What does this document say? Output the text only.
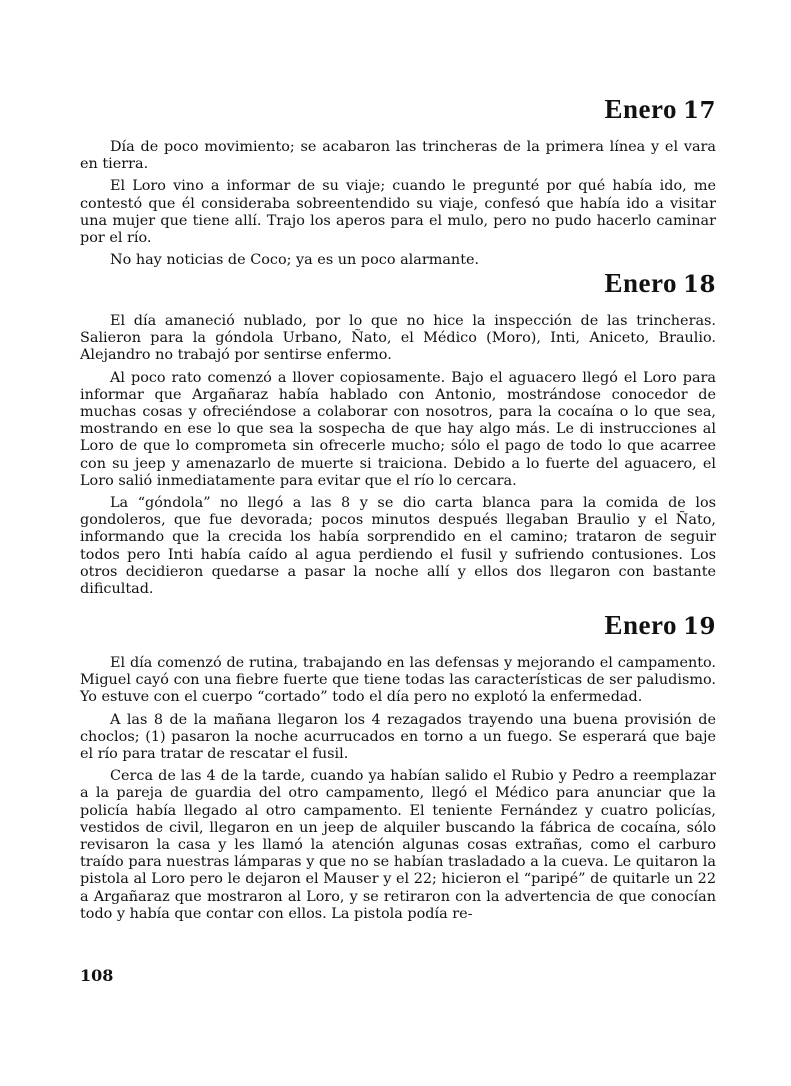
Enero 17

Día de poco movimiento; se acabaron las trincheras de la primera línea y el vara en tierra.

El Loro vino a informar de su viaje; cuando le pregunté por qué había ido, me contestó que él consideraba sobreentendido su viaje, confesó que había ido a visitar una mujer que tiene allí. Trajo los aperos para el mulo, pero no pudo hacerlo caminar por el río.

No hay noticias de Coco; ya es un poco alarmante.

Enero 18

El día amaneció nublado, por lo que no hice la inspección de las trincheras. Salieron para la góndola Urbano, Ñato, el Médico (Moro), Inti, Aniceto, Braulio. Alejandro no trabajó por sentirse enfermo.

Al poco rato comenzó a llover copiosamente. Bajo el aguacero llegó el Loro para informar que Argañaraz había hablado con Antonio, mostrándose conocedor de muchas cosas y ofreciéndose a colaborar con nosotros, para la cocaína o lo que sea, mostrando en ese lo que sea la sospecha de que hay algo más. Le di instrucciones al Loro de que lo comprometa sin ofrecerle mucho; sólo el pago de todo lo que acarree con su jeep y amenazarlo de muerte si traiciona. Debido a lo fuerte del aguacero, el Loro salió inmediatamente para evitar que el río lo cercara.

La “góndola” no llegó a las 8 y se dio carta blanca para la comida de los gondoleros, que fue devorada; pocos minutos después llegaban Braulio y el Ñato, informando que la crecida los había sorprendido en el camino; trataron de seguir todos pero Inti había caído al agua perdiendo el fusil y sufriendo contusiones. Los otros decidieron quedarse a pasar la noche allí y ellos dos llegaron con bastante dificultad.

Enero 19

El día comenzó de rutina, trabajando en las defensas y mejorando el campamento. Miguel cayó con una fiebre fuerte que tiene todas las características de ser paludismo. Yo estuve con el cuerpo “cortado” todo el día pero no explotó la enfermedad.

A las 8 de la mañana llegaron los 4 rezagados trayendo una buena provisión de choclos; (1) pasaron la noche acurrucados en torno a un fuego. Se esperará que baje el río para tratar de rescatar el fusil.

Cerca de las 4 de la tarde, cuando ya habían salido el Rubio y Pedro a reemplazar a la pareja de guardia del otro campamento, llegó el Médico para anunciar que la policía había llegado al otro campamento. El teniente Fernández y cuatro policías, vestidos de civil, llegaron en un jeep de alquiler buscando la fábrica de cocaína, sólo revisaron la casa y les llamó la atención algunas cosas extrañas, como el carburo traído para nuestras lámparas y que no se habían trasladado a la cueva. Le quitaron la pistola al Loro pero le dejaron el Mauser y el 22; hicieron el “paripé” de quitarle un 22 a Argañaraz que mostraron al Loro, y se retiraron con la advertencia de que conocían todo y había que contar con ellos. La pistola podía re-

108
